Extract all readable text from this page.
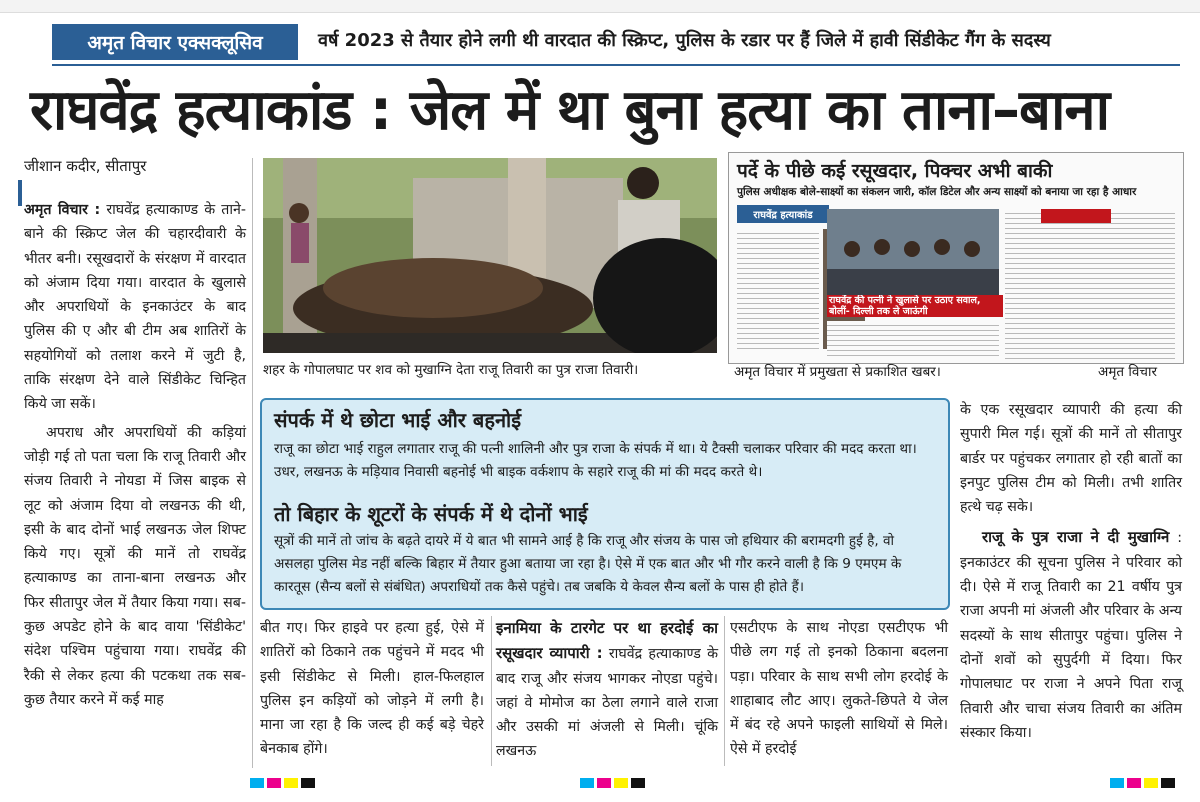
अमृत विचार एक्सक्लूसिव	वर्ष 2023 से तैयार होने लगी थी वारदात की स्क्रिप्ट, पुलिस के रडार पर हैं जिले में हावी सिंडीकेट गैंग के सदस्य
राघवेंद्र हत्याकांड : जेल में था बुना हत्या का ताना–बाना
जीशान कदीर, सीतापुर

अमृत विचार : राघवेंद्र हत्याकाण्ड के ताने-बाने की स्क्रिप्ट जेल की चहारदीवारी के भीतर बनी। रसूखदारों के संरक्षण में वारदात को अंजाम दिया गया। वारदात के खुलासे और अपराधियों के इनकाउंटर के बाद पुलिस की ए और बी टीम अब शातिरों के सहयोगियों को तलाश करने में जुटी है, ताकि संरक्षण देने वाले सिंडीकेट चिन्हित किये जा सकें।

अपराध और अपराधियों की कड़ियां जोड़ी गई तो पता चला कि राजू तिवारी और संजय तिवारी ने नोयडा में जिस बाइक से लूट को अंजाम दिया वो लखनऊ की थी, इसी के बाद दोनों भाई लखनऊ जेल शिफ्ट किये गए। सूत्रों की मानें तो राघवेंद्र हत्याकाण्ड का ताना-बाना लखनऊ और फिर सीतापुर जेल में तैयार किया गया। सब-कुछ अपडेट होने के बाद वाया 'सिंडीकेट' संदेश पश्चिम पहुंचाया गया। राघवेंद्र की रैकी से लेकर हत्या की पटकथा तक सब-कुछ तैयार करने में कई माह

शहर के गोपालघाट पर शव को मुखाग्नि देता राजू तिवारी का पुत्र राजा तिवारी।
पर्दे के पीछे कई रसूखदार, पिक्चर अभी बाकी
पुलिस अधीक्षक बोले-साक्ष्यों का संकलन जारी, कॉल डिटेल और अन्य साक्ष्यों को बनाया जा रहा है आधार
राघवेंद्र हत्याकांड
राघवेंद्र की पत्नी ने खुलासे पर उठाए सवाल, बोलीं- दिल्ली तक ले जाऊंगी
अमृत विचार में प्रमुखता से प्रकाशित खबर।	अमृत विचार
संपर्क में थे छोटा भाई और बहनोई
राजू का छोटा भाई राहुल लगातार राजू की पत्नी शालिनी और पुत्र राजा के संपर्क में था। ये टैक्सी चलाकर परिवार की मदद करता था। उधर, लखनऊ के मड़ियाव निवासी बहनोई भी बाइक वर्कशाप के सहारे राजू की मां की मदद करते थे।
तो बिहार के शूटरों के संपर्क में थे दोनों भाई
सूत्रों की मानें तो जांच के बढ़ते दायरे में ये बात भी सामने आई है कि राजू और संजय के पास जो हथियार की बरामदगी हुई है, वो असलहा पुलिस मेड नहीं बल्कि बिहार में तैयार हुआ बताया जा रहा है। ऐसे में एक बात और भी गौर करने वाली है कि 9 एमएम के कारतूस (सैन्य बलों से संबंधित) अपराधियों तक कैसे पहुंचे। तब जबकि ये केवल सैन्य बलों के पास ही होते हैं।
बीत गए। फिर हाइवे पर हत्या हुई, ऐसे में शातिरों को ठिकाने तक पहुंचने में मदद भी इसी सिंडीकेट से मिली। हाल-फिलहाल पुलिस इन कड़ियों को जोड़ने में लगी है। माना जा रहा है कि जल्द ही कई बड़े चेहरे बेनकाब होंगे।
इनामिया के टारगेट पर था हरदोई का रसूखदार व्यापारी : राघवेंद्र हत्याकाण्ड के बाद राजू और संजय भागकर नोएडा पहुंचे। जहां वे मोमोज का ठेला लगाने वाले राजा और उसकी मां अंजली से मिली। चूंकि लखनऊ
एसटीएफ के साथ नोएडा एसटीएफ भी पीछे लग गई तो इनको ठिकाना बदलना पड़ा। परिवार के साथ सभी लोग हरदोई के शाहाबाद लौट आए। लुकते-छिपते ये जेल में बंद रहे अपने फाइली साथियों से मिले। ऐसे में हरदोई

के एक रसूखदार व्यापारी की हत्या की सुपारी मिल गई। सूत्रों की मानें तो सीतापुर बार्डर पर पहुंचकर लगातार हो रही बातों का इनपुट पुलिस टीम को मिली। तभी शातिर हत्थे चढ़ सके।

राजू के पुत्र राजा ने दी मुखाग्नि : इनकाउंटर की सूचना पुलिस ने परिवार को दी। ऐसे में राजू तिवारी का 21 वर्षीय पुत्र राजा अपनी मां अंजली और परिवार के अन्य सदस्यों के साथ सीतापुर पहुंचा। पुलिस ने दोनों शवों को सुपुर्दगी में दिया। फिर गोपालघाट पर राजा ने अपने पिता राजू तिवारी और चाचा संजय तिवारी का अंतिम संस्कार किया।
